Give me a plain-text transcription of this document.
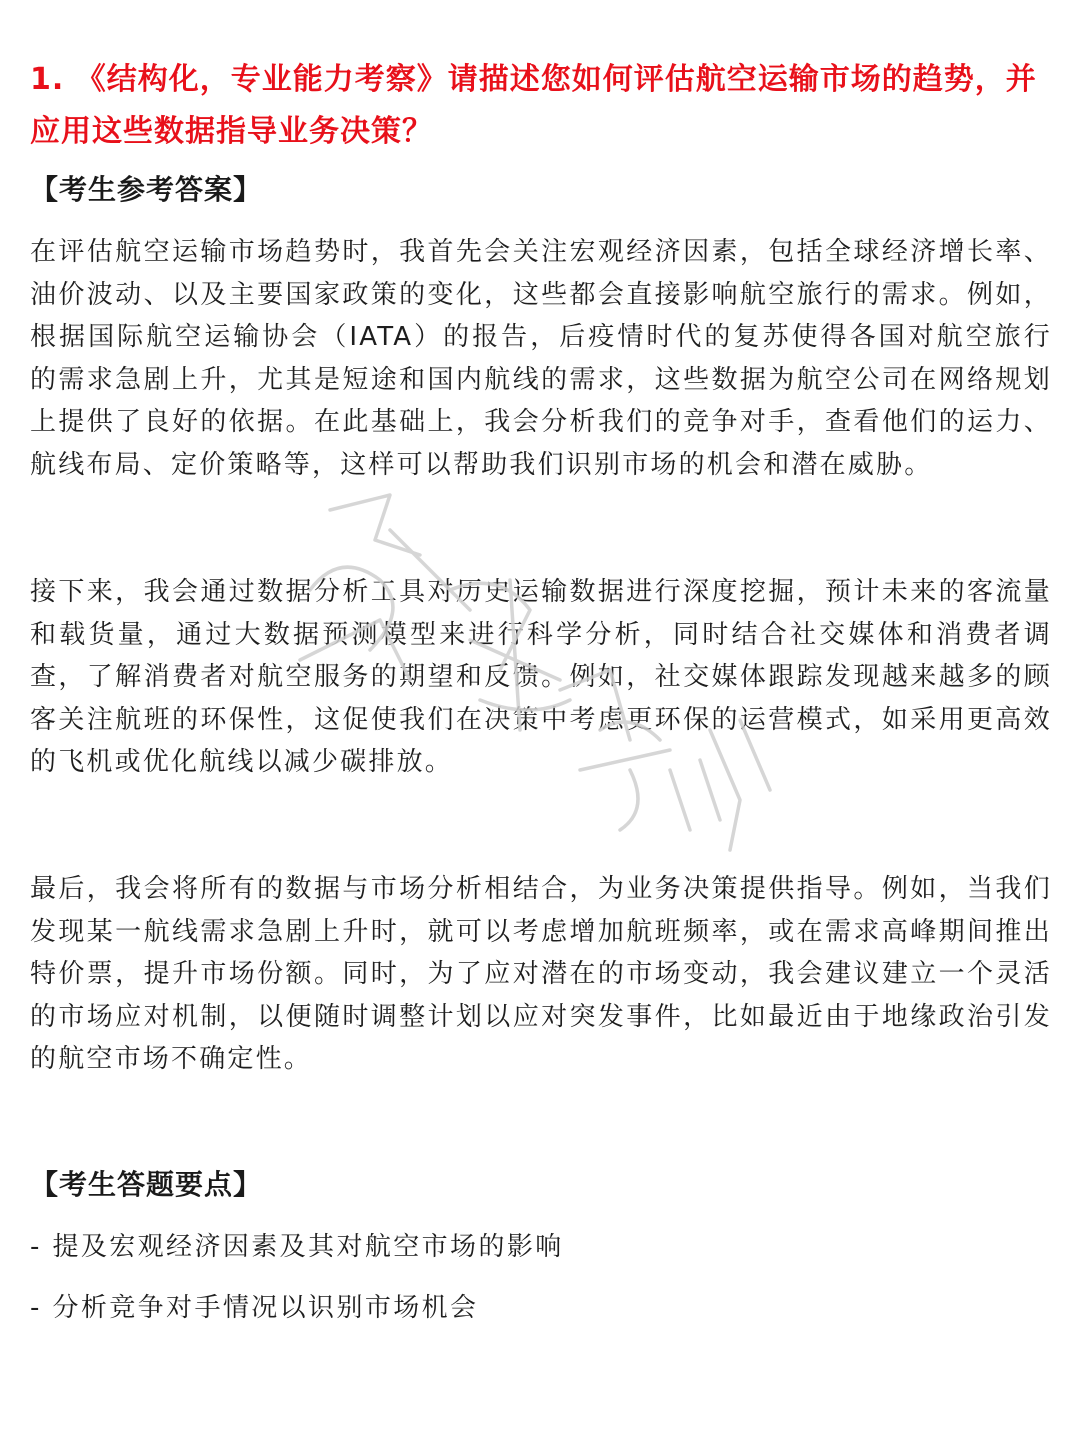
1. 《结构化，专业能力考察》请描述您如何评估航空运输市场的趋势，并应用这些数据指导业务决策？
【考生参考答案】

在评估航空运输市场趋势时，我首先会关注宏观经济因素，包括全球经济增长率、油价波动、以及主要国家政策的变化，这些都会直接影响航空旅行的需求。例如，根据国际航空运输协会（IATA）的报告，后疫情时代的复苏使得各国对航空旅行的需求急剧上升，尤其是短途和国内航线的需求，这些数据为航空公司在网络规划上提供了良好的依据。在此基础上，我会分析我们的竞争对手，查看他们的运力、航线布局、定价策略等，这样可以帮助我们识别市场的机会和潜在威胁。

接下来，我会通过数据分析工具对历史运输数据进行深度挖掘，预计未来的客流量和载货量，通过大数据预测模型来进行科学分析，同时结合社交媒体和消费者调查，了解消费者对航空服务的期望和反馈。例如，社交媒体跟踪发现越来越多的顾客关注航班的环保性，这促使我们在决策中考虑更环保的运营模式，如采用更高效的飞机或优化航线以减少碳排放。

最后，我会将所有的数据与市场分析相结合，为业务决策提供指导。例如，当我们发现某一航线需求急剧上升时，就可以考虑增加航班频率，或在需求高峰期间推出特价票，提升市场份额。同时，为了应对潜在的市场变动，我会建议建立一个灵活的市场应对机制，以便随时调整计划以应对突发事件，比如最近由于地缘政治引发的航空市场不确定性。

【考生答题要点】

- 提及宏观经济因素及其对航空市场的影响

- 分析竞争对手情况以识别市场机会
